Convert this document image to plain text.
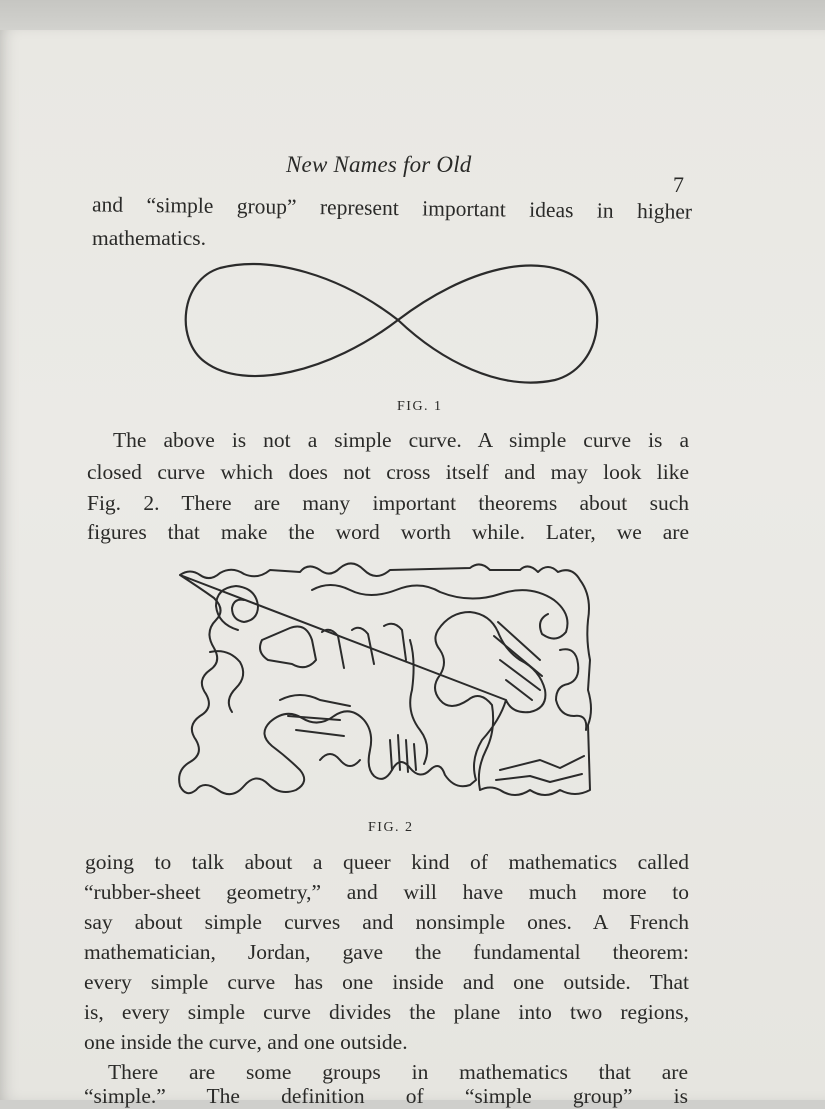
New Names for Old
7
and “simple group” represent important ideas in higher
mathematics.
FIG. 1
The above is not a simple curve. A simple curve is a
closed curve which does not cross itself and may look like
Fig. 2. There are many important theorems about such
figures that make the word worth while. Later, we are
FIG. 2
going to talk about a queer kind of mathematics called
“rubber-sheet geometry,” and will have much more to
say about simple curves and nonsimple ones. A French
mathematician, Jordan, gave the fundamental theorem:
every simple curve has one inside and one outside. That
is, every simple curve divides the plane into two regions,
one inside the curve, and one outside.
There are some groups in mathematics that are
“simple.” The definition of “simple group” is
